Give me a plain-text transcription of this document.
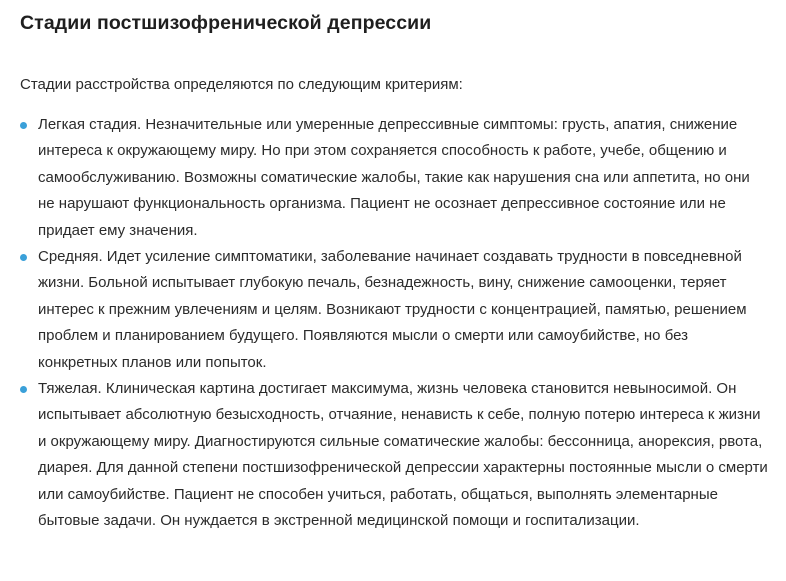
Стадии постшизофренической депрессии

Стадии расстройства определяются по следующим критериям:

Легкая стадия. Незначительные или умеренные депрессивные симптомы: грусть, апатия, снижение интереса к окружающему миру. Но при этом сохраняется способность к работе, учебе, общению и самообслуживанию. Возможны соматические жалобы, такие как нарушения сна или аппетита, но они не нарушают функциональность организма. Пациент не осознает депрессивное состояние или не придает ему значения.
Средняя. Идет усиление симптоматики, заболевание начинает создавать трудности в повседневной жизни. Больной испытывает глубокую печаль, безнадежность, вину, снижение самооценки, теряет интерес к прежним увлечениям и целям. Возникают трудности с концентрацией, памятью, решением проблем и планированием будущего. Появляются мысли о смерти или самоубийстве, но без конкретных планов или попыток.
Тяжелая. Клиническая картина достигает максимума, жизнь человека становится невыносимой. Он испытывает абсолютную безысходность, отчаяние, ненависть к себе, полную потерю интереса к жизни и окружающему миру. Диагностируются сильные соматические жалобы: бессонница, анорексия, рвота, диарея. Для данной степени постшизофренической депрессии характерны постоянные мысли о смерти или самоубийстве. Пациент не способен учиться, работать, общаться, выполнять элементарные бытовые задачи. Он нуждается в экстренной медицинской помощи и госпитализации.
